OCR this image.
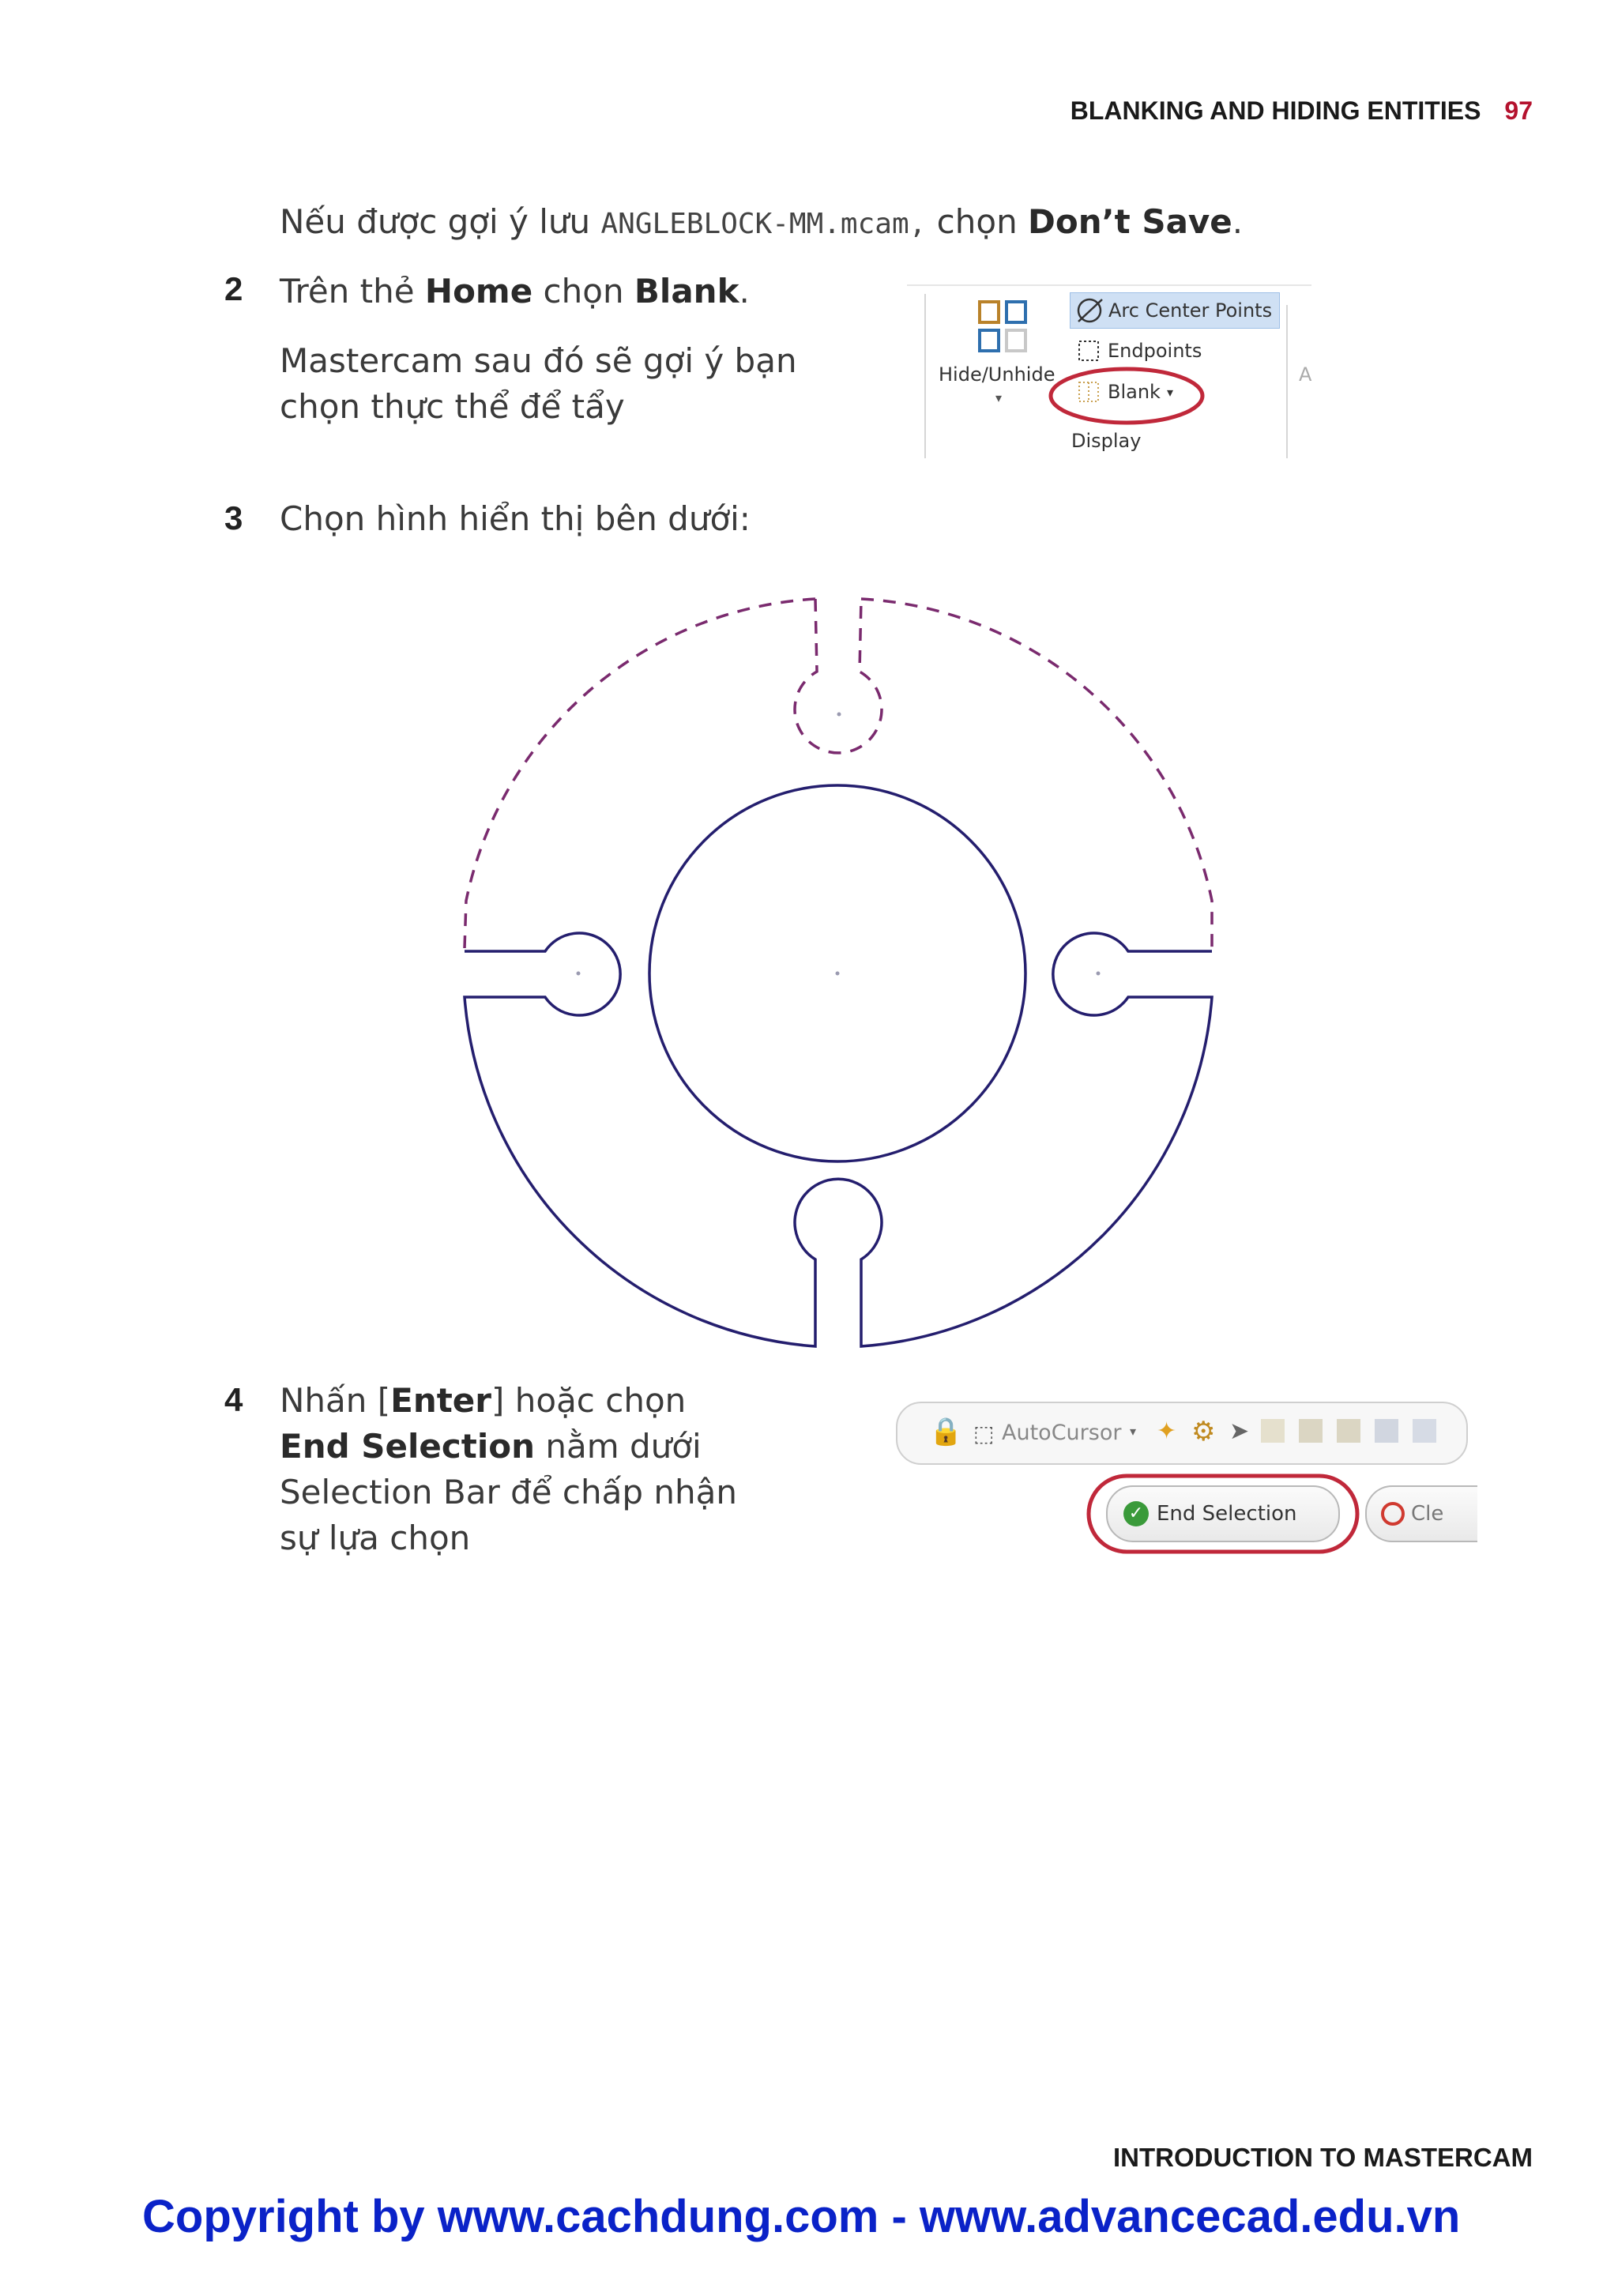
BLANKING AND HIDING ENTITIES 97
Nếu được gợi ý lưu ANGLEBLOCK-MM.mcam, chọn Don’t Save.
2 Trên thẻ Home chọn Blank.
Mastercam sau đó sẽ gợi ý bạn
chọn thực thể để tẩy
Hide/Unhide
▾
Arc Center Points
Endpoints
Blank ▾
Display
A
3 Chọn hình hiển thị bên dưới:
4 Nhấn [Enter] hoặc chọn
End Selection nằm dưới
Selection Bar để chấp nhận
sự lựa chọn
🔒 ⬚ AutoCursor ▾ ✦ ⚙ ➤
✓ End Selection	Cle
INTRODUCTION TO MASTERCAM
Copyright by www.cachdung.com - www.advancecad.edu.vn
